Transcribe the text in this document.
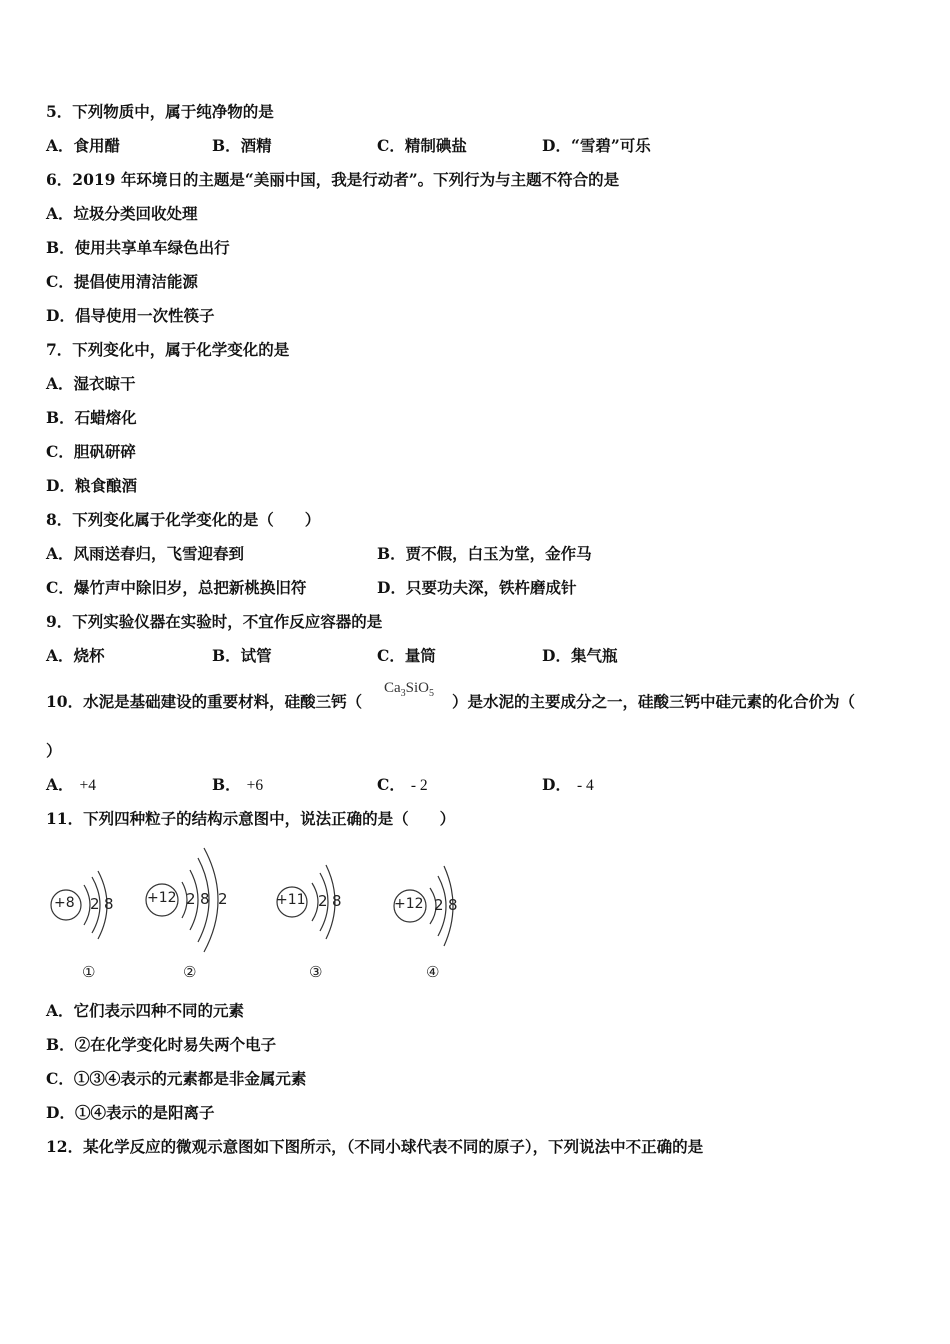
5．下列物质中，属于纯净物的是
A．食用醋	B．酒精	C．精制碘盐	D．“雪碧”可乐
6．2019 年环境日的主题是“美丽中国，我是行动者”。下列行为与主题不符合的是
A．垃圾分类回收处理
B．使用共享单车绿色出行
C．提倡使用清洁能源
D．倡导使用一次性筷子
7．下列变化中，属于化学变化的是
A．湿衣晾干
B．石蜡熔化
C．胆矾研碎
D．粮食酿酒
8．下列变化属于化学变化的是（　　）
A．风雨送春归，飞雪迎春到	B．贾不假，白玉为堂，金作马
C．爆竹声中除旧岁，总把新桃换旧符	D．只要功夫深，铁杵磨成针
9．下列实验仪器在实验时，不宜作反应容器的是
A．烧杯	B．试管	C．量筒	D．集气瓶
10．水泥是基础建设的重要材料，硅酸三钙（
$Ca_3SiO_5$ ）是水泥的主要成分之一，硅酸三钙中硅元素的化合价为（
）
A． +4	B． +6	C． - 2	D． - 4
11．下列四种粒子的结构示意图中，说法正确的是（　　）
+8 2 8
①
+12 2 8 2
②
+11 2 8
③
+12 2 8
④
A．它们表示四种不同的元素
B．②在化学变化时易失两个电子
C．①③④表示的元素都是非金属元素
D．①④表示的是阳离子
12．某化学反应的微观示意图如下图所示，（不同小球代表不同的原子），下列说法中不正确的是
